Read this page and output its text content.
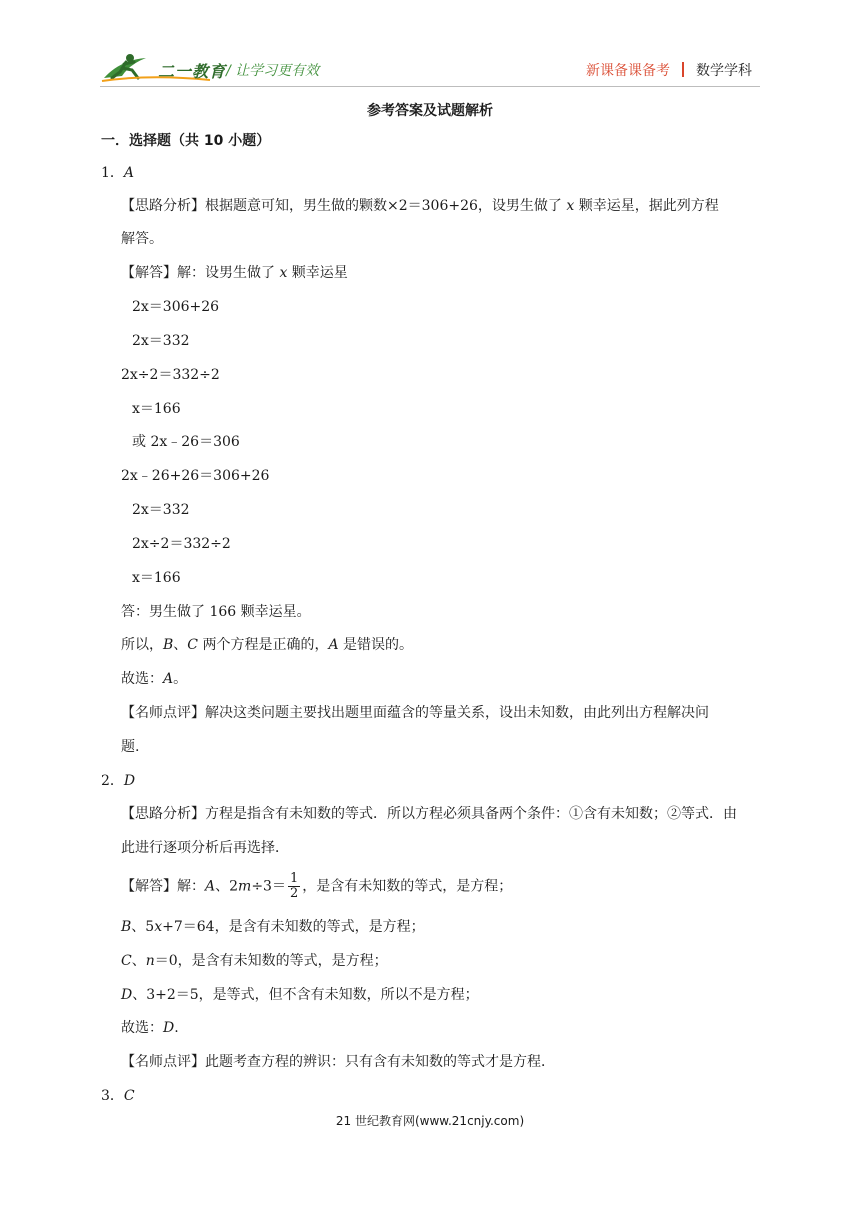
二一教育 / 让学习更有效	新课备课备考 数学学科
参考答案及试题解析
一．选择题（共 10 小题）
1．A
【思路分析】根据题意可知，男生做的颗数×2＝306+26，设男生做了 x 颗幸运星，据此列方程
解答。
【解答】解：设男生做了 x 颗幸运星
2x＝306+26
2x＝332
2x÷2＝332÷2
x＝166
或 2x﹣26＝306
2x﹣26+26＝306+26
2x＝332
2x÷2＝332÷2
x＝166
答：男生做了 166 颗幸运星。
所以，B、C 两个方程是正确的，A 是错误的。
故选：A。
【名师点评】解决这类问题主要找出题里面蕴含的等量关系，设出未知数，由此列出方程解决问
题.
2．D
【思路分析】方程是指含有未知数的等式．所以方程必须具备两个条件：①含有未知数；②等式．由
此进行逐项分析后再选择．
【解答】解：A、$2m\div 3= \frac{1}{2}$ ，是含有未知数的等式，是方程；
B、5x+7＝64，是含有未知数的等式，是方程；
C、n＝0，是含有未知数的等式，是方程；
D、3+2＝5，是等式，但不含有未知数，所以不是方程；
故选：D.
【名师点评】此题考查方程的辨识：只有含有未知数的等式才是方程．
3．C
21 世纪教育网(www.21cnjy.com)
